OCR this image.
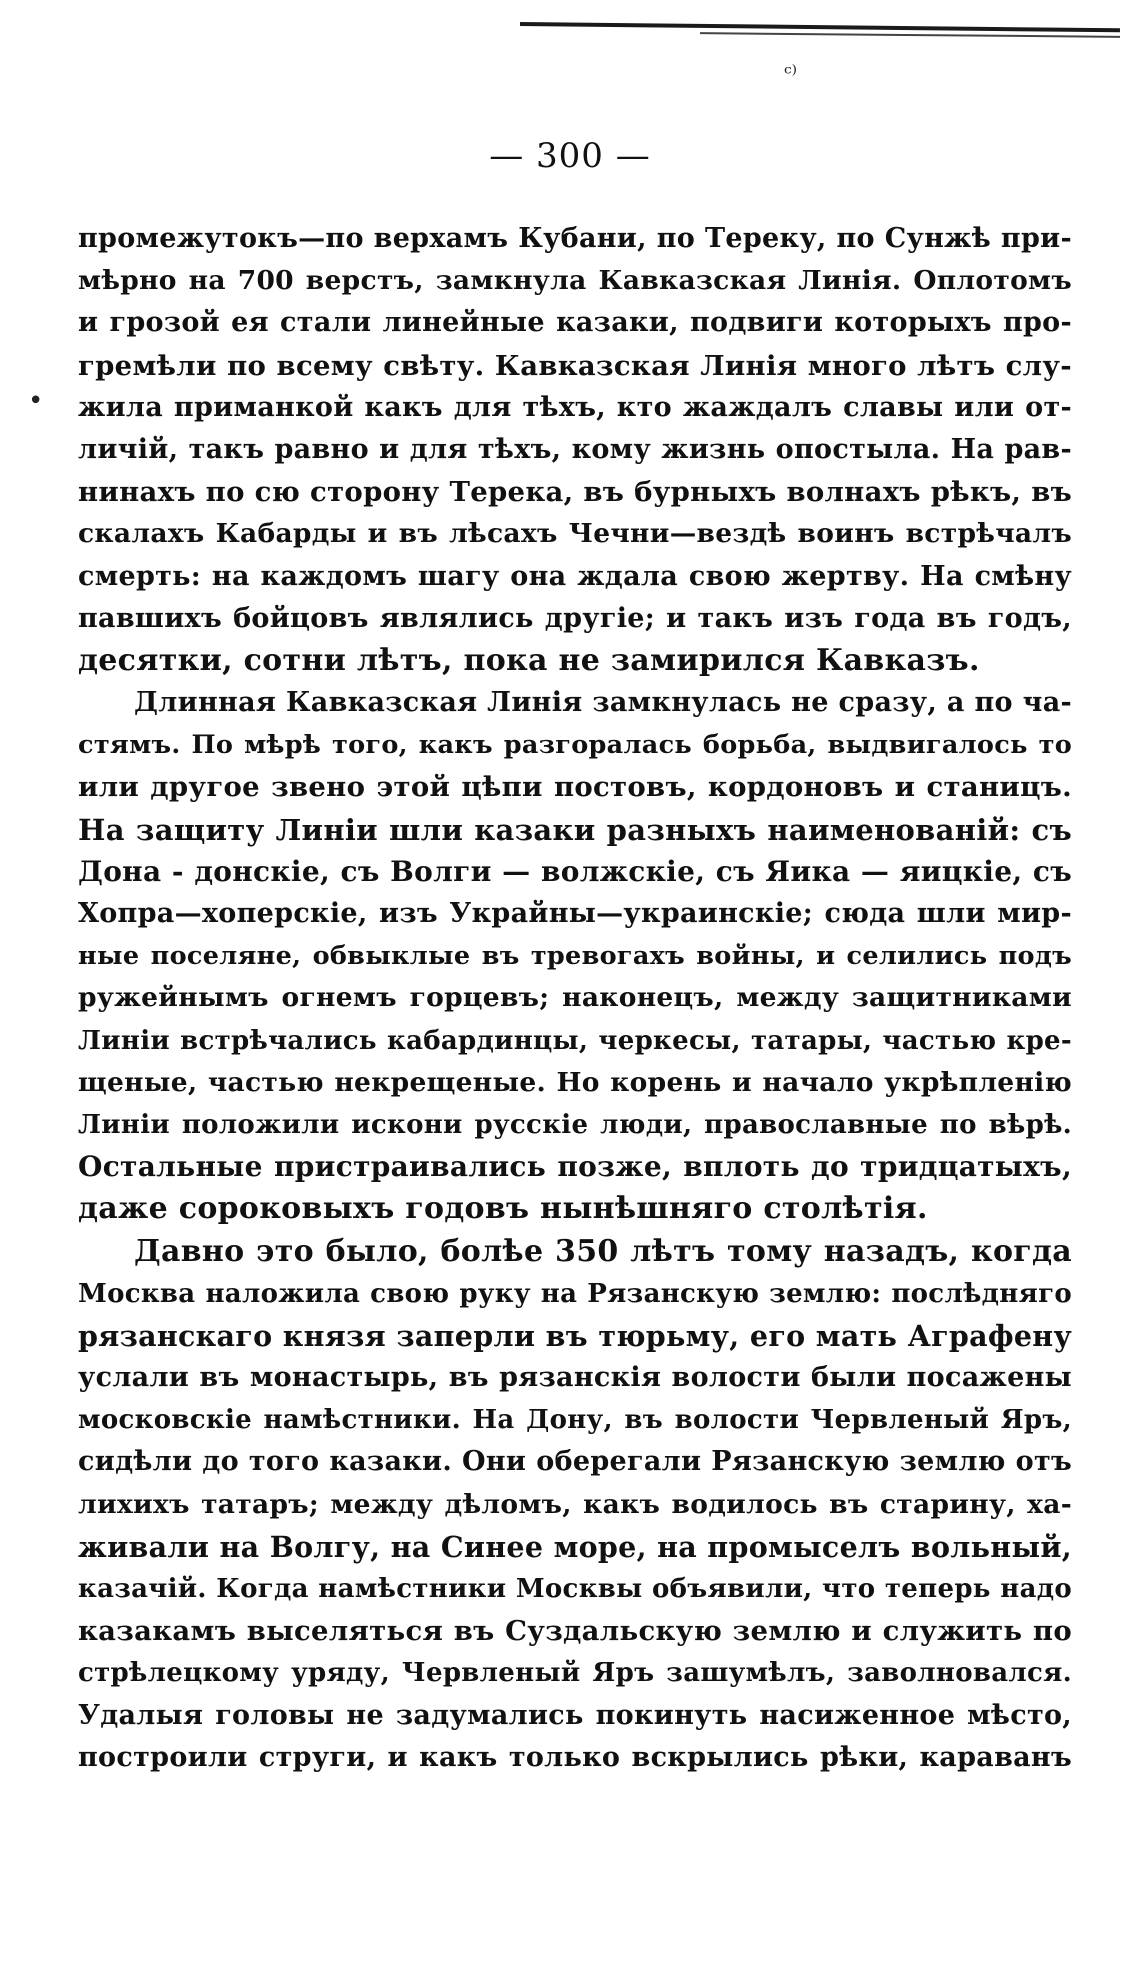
ᶜ⁾
•
— 300 —
промежутокъ—по верхамъ Кубани, по Тереку, по Сунжѣ при-
мѣрно на 700 верстъ, замкнула Кавказская Линія. Оплотомъ
и грозой ея стали линейные казаки, подвиги которыхъ про-
гремѣли по всему свѣту. Кавказская Линія много лѣтъ слу-
жила приманкой какъ для тѣхъ, кто жаждалъ славы или от-
личій, такъ равно и для тѣхъ, кому жизнь опостыла. На рав-
нинахъ по сю сторону Терека, въ бурныхъ волнахъ рѣкъ, въ
скалахъ Кабарды и въ лѣсахъ Чечни—вездѣ воинъ встрѣчалъ
смерть: на каждомъ шагу она ждала свою жертву. На смѣну
павшихъ бойцовъ являлись другіе; и такъ изъ года въ годъ,
десятки, сотни лѣтъ, пока не замирился Кавказъ.
Длинная Кавказская Линія замкнулась не сразу, а по ча-
стямъ. По мѣрѣ того, какъ разгоралась борьба, выдвигалось то
или другое звено этой цѣпи постовъ, кордоновъ и станицъ.
На защиту Линіи шли казаки разныхъ наименованій: съ
Дона - донскіе, съ Волги — волжскіе, съ Яика — яицкіе, съ
Хопра—хоперскіе, изъ Украйны—украинскіе; сюда шли мир-
ные поселяне, обвыклые въ тревогахъ войны, и селились подъ
ружейнымъ огнемъ горцевъ; наконецъ, между защитниками
Линіи встрѣчались кабардинцы, черкесы, татары, частью кре-
щеные, частью некрещеные. Но корень и начало укрѣпленію
Линіи положили искони русскіе люди, православные по вѣрѣ.
Остальные пристраивались позже, вплоть до тридцатыхъ,
даже сороковыхъ годовъ нынѣшняго столѣтія.
Давно это было, болѣе 350 лѣтъ тому назадъ, когда
Москва наложила свою руку на Рязанскую землю: послѣдняго
рязанскаго князя заперли въ тюрьму, его мать Аграфену
услали въ монастырь, въ рязанскія волости были посажены
московскіе намѣстники. На Дону, въ волости Червленый Яръ,
сидѣли до того казаки. Они оберегали Рязанскую землю отъ
лихихъ татаръ; между дѣломъ, какъ водилось въ старину, ха-
живали на Волгу, на Синее море, на промыселъ вольный,
казачій. Когда намѣстники Москвы объявили, что теперь надо
казакамъ выселяться въ Суздальскую землю и служить по
стрѣлецкому уряду, Червленый Яръ зашумѣлъ, заволновался.
Удалыя головы не задумались покинуть насиженное мѣсто,
построили струги, и какъ только вскрылись рѣки, караванъ
